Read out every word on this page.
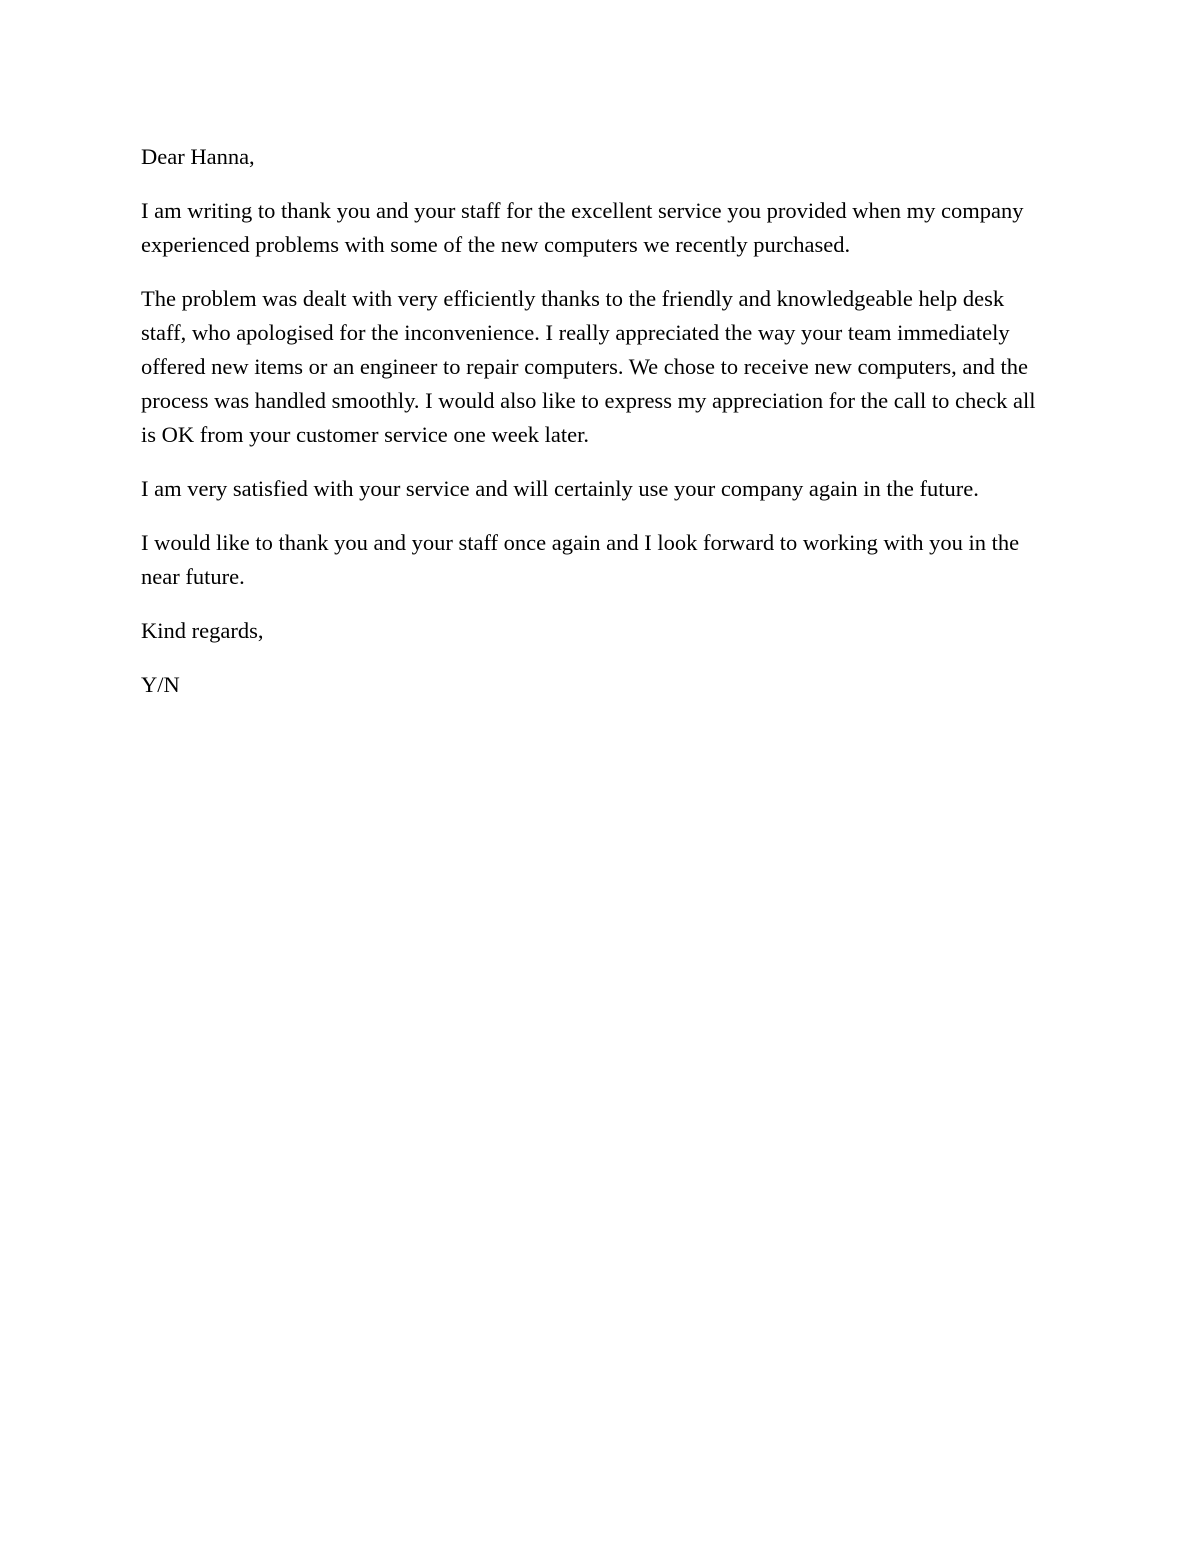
Dear Hanna,

I am writing to thank you and your staff for the excellent service you provided when my company experienced problems with some of the new computers we recently purchased.

The problem was dealt with very efficiently thanks to the friendly and knowledgeable help desk staff, who apologised for the inconvenience. I really appreciated the way your team immediately offered new items or an engineer to repair computers. We chose to receive new computers, and the process was handled smoothly. I would also like to express my appreciation for the call to check all is OK from your customer service one week later.

I am very satisfied with your service and will certainly use your company again in the future.

I would like to thank you and your staff once again and I look forward to working with you in the near future.

Kind regards,

Y/N
